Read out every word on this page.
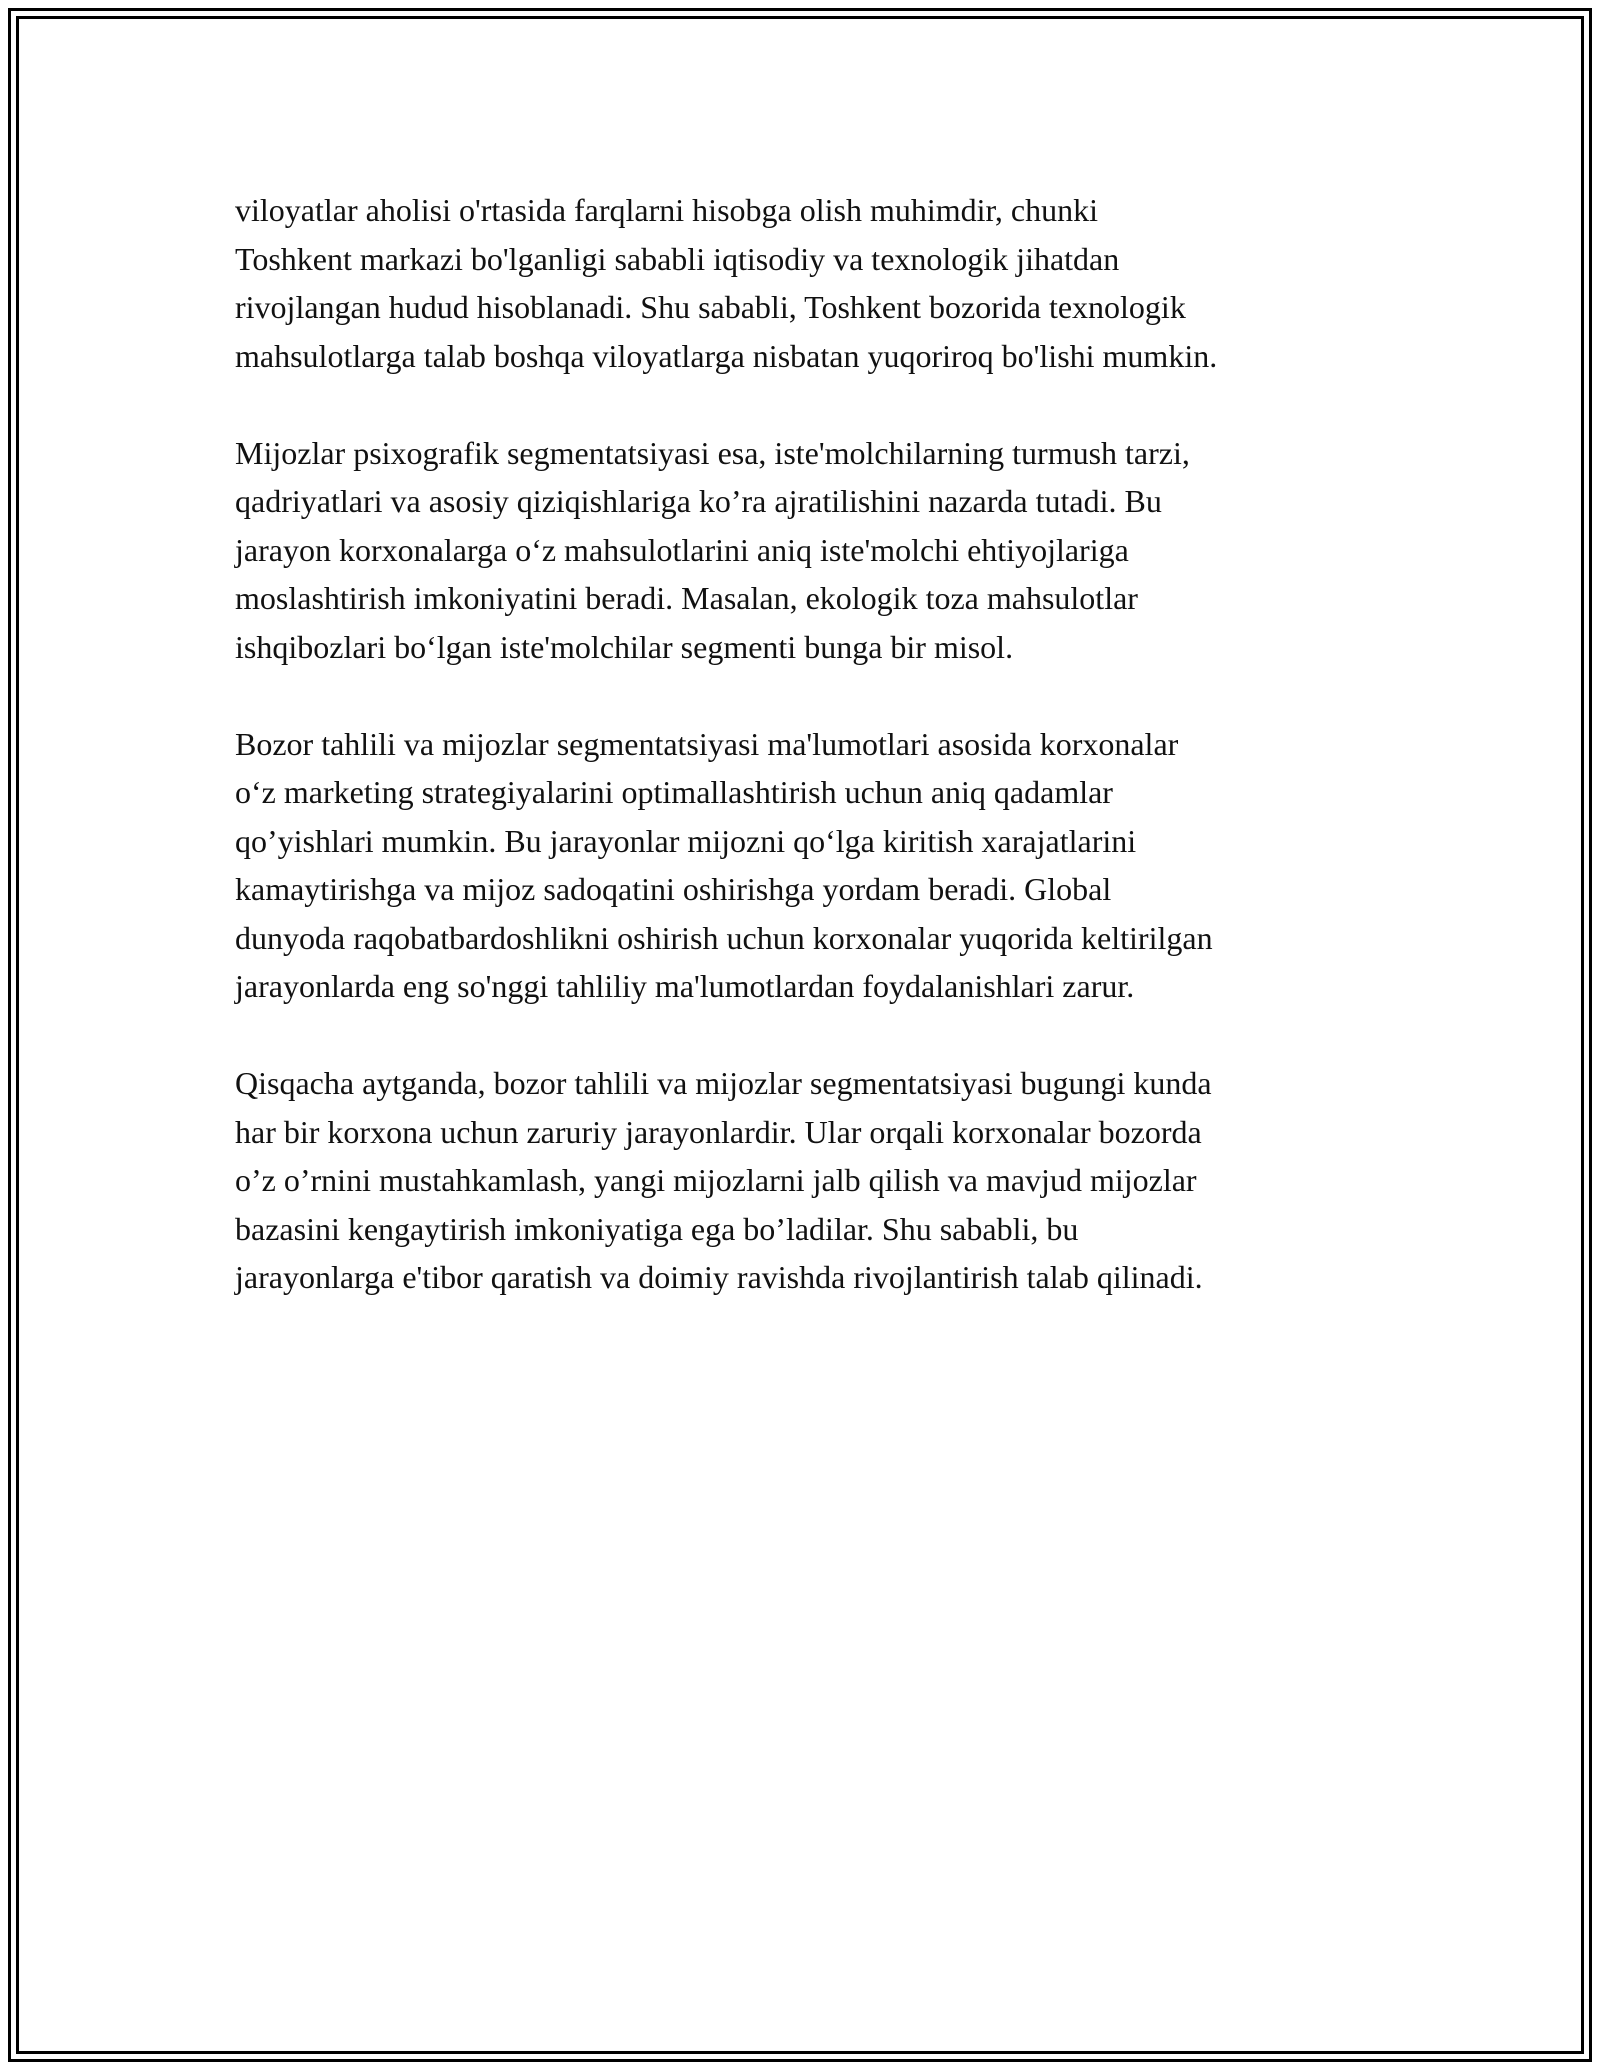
viloyatlar aholisi o'rtasida farqlarni hisobga olish muhimdir, chunki
Toshkent markazi bo'lganligi sababli iqtisodiy va texnologik jihatdan
rivojlangan hudud hisoblanadi. Shu sababli, Toshkent bozorida texnologik
mahsulotlarga talab boshqa viloyatlarga nisbatan yuqoriroq bo'lishi mumkin.

Mijozlar psixografik segmentatsiyasi esa, iste'molchilarning turmush tarzi,
qadriyatlari va asosiy qiziqishlariga ko’ra ajratilishini nazarda tutadi. Bu
jarayon korxonalarga o‘z mahsulotlarini aniq iste'molchi ehtiyojlariga
moslashtirish imkoniyatini beradi. Masalan, ekologik toza mahsulotlar
ishqibozlari bo‘lgan iste'molchilar segmenti bunga bir misol.

Bozor tahlili va mijozlar segmentatsiyasi ma'lumotlari asosida korxonalar
o‘z marketing strategiyalarini optimallashtirish uchun aniq qadamlar
qo’yishlari mumkin. Bu jarayonlar mijozni qo‘lga kiritish xarajatlarini
kamaytirishga va mijoz sadoqatini oshirishga yordam beradi. Global
dunyoda raqobatbardoshlikni oshirish uchun korxonalar yuqorida keltirilgan
jarayonlarda eng so'nggi tahliliy ma'lumotlardan foydalanishlari zarur.

Qisqacha aytganda, bozor tahlili va mijozlar segmentatsiyasi bugungi kunda
har bir korxona uchun zaruriy jarayonlardir. Ular orqali korxonalar bozorda
o’z o’rnini mustahkamlash, yangi mijozlarni jalb qilish va mavjud mijozlar
bazasini kengaytirish imkoniyatiga ega bo’ladilar. Shu sababli, bu
jarayonlarga e'tibor qaratish va doimiy ravishda rivojlantirish talab qilinadi.
